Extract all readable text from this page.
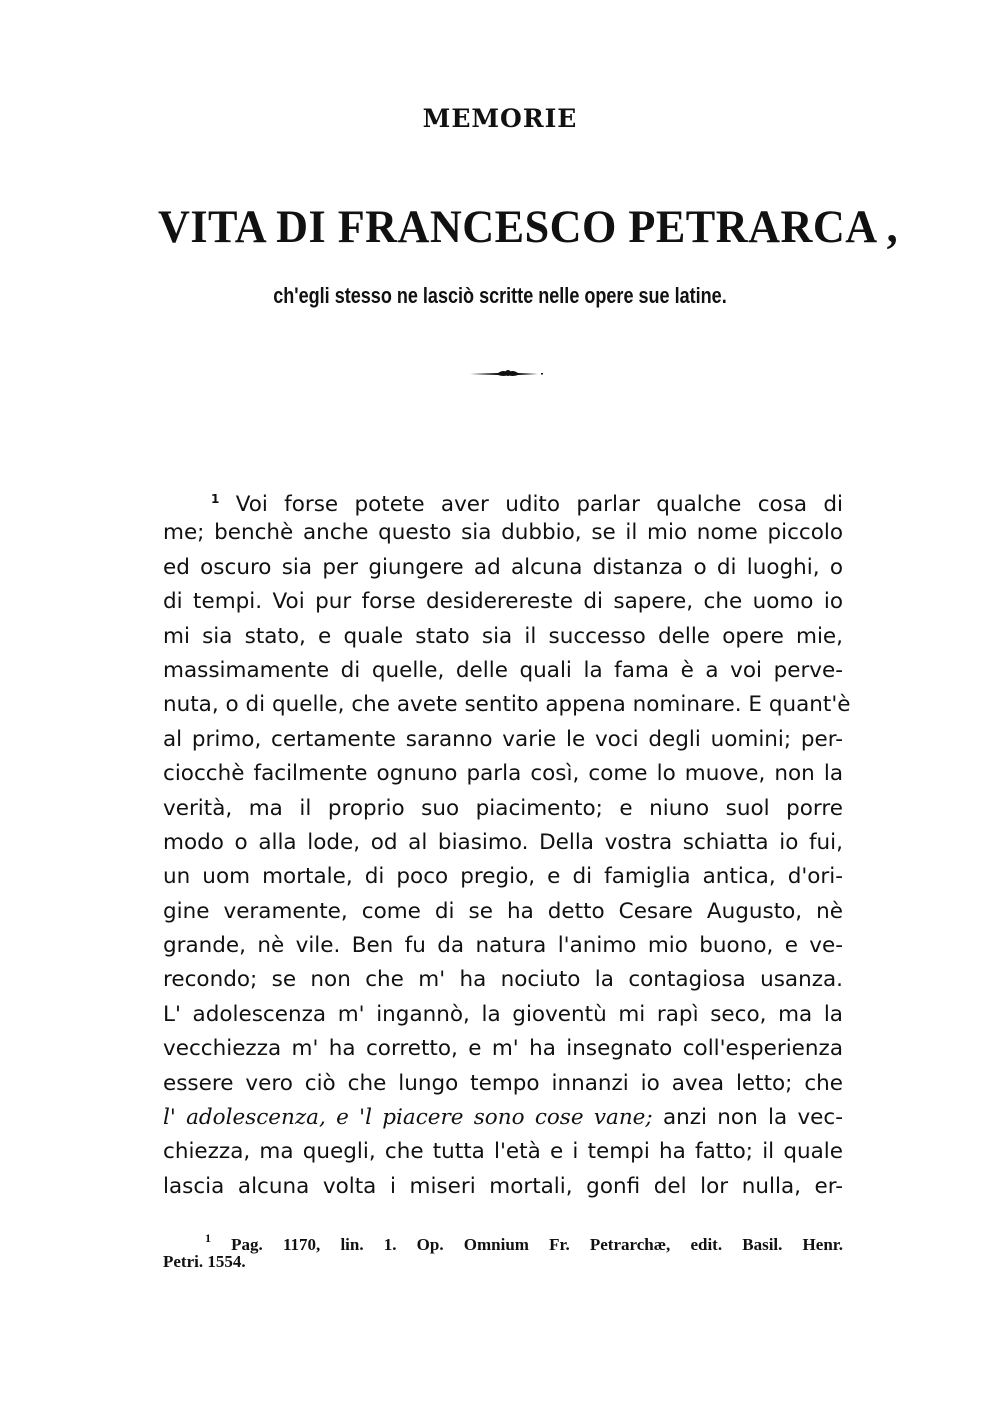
MEMORIE
VITA DI FRANCESCO PETRARCA ,
ch'egli stesso ne lasciò scritte nelle opere sue latine.
$^1$ Voi forse potete aver udito parlar qualche cosa di
me; benchè anche questo sia dubbio, se il mio nome piccolo
ed oscuro sia per giungere ad alcuna distanza o di luoghi, o
di tempi. Voi pur forse desiderereste di sapere, che uomo io
mi sia stato, e quale stato sia il successo delle opere mie,
massimamente di quelle, delle quali la fama è a voi perve-
nuta, o di quelle, che avete sentito appena nominare. E quant'è
al primo, certamente saranno varie le voci degli uomini; per-
ciocchè facilmente ognuno parla così, come lo muove, non la
verità, ma il proprio suo piacimento; e niuno suol porre
modo o alla lode, od al biasimo. Della vostra schiatta io fui,
un uom mortale, di poco pregio, e di famiglia antica, d'ori-
gine veramente, come di se ha detto Cesare Augusto, nè
grande, nè vile. Ben fu da natura l'animo mio buono, e ve-
recondo; se non che m' ha nociuto la contagiosa usanza.
L' adolescenza m' ingannò, la gioventù mi rapì seco, ma la
vecchiezza m' ha corretto, e m' ha insegnato coll'esperienza
essere vero ciò che lungo tempo innanzi io avea letto; che
l' adolescenza, e 'l piacere sono cose vane; anzi non la vec-
chiezza, ma quegli, che tutta l'età e i tempi ha fatto; il quale
lascia alcuna volta i miseri mortali, gonfi del lor nulla, er-
$^1$ Pag. 1170, lin. 1. Op. Omnium Fr. Petrarchæ, edit. Basil. Henr.
Petri. 1554.
